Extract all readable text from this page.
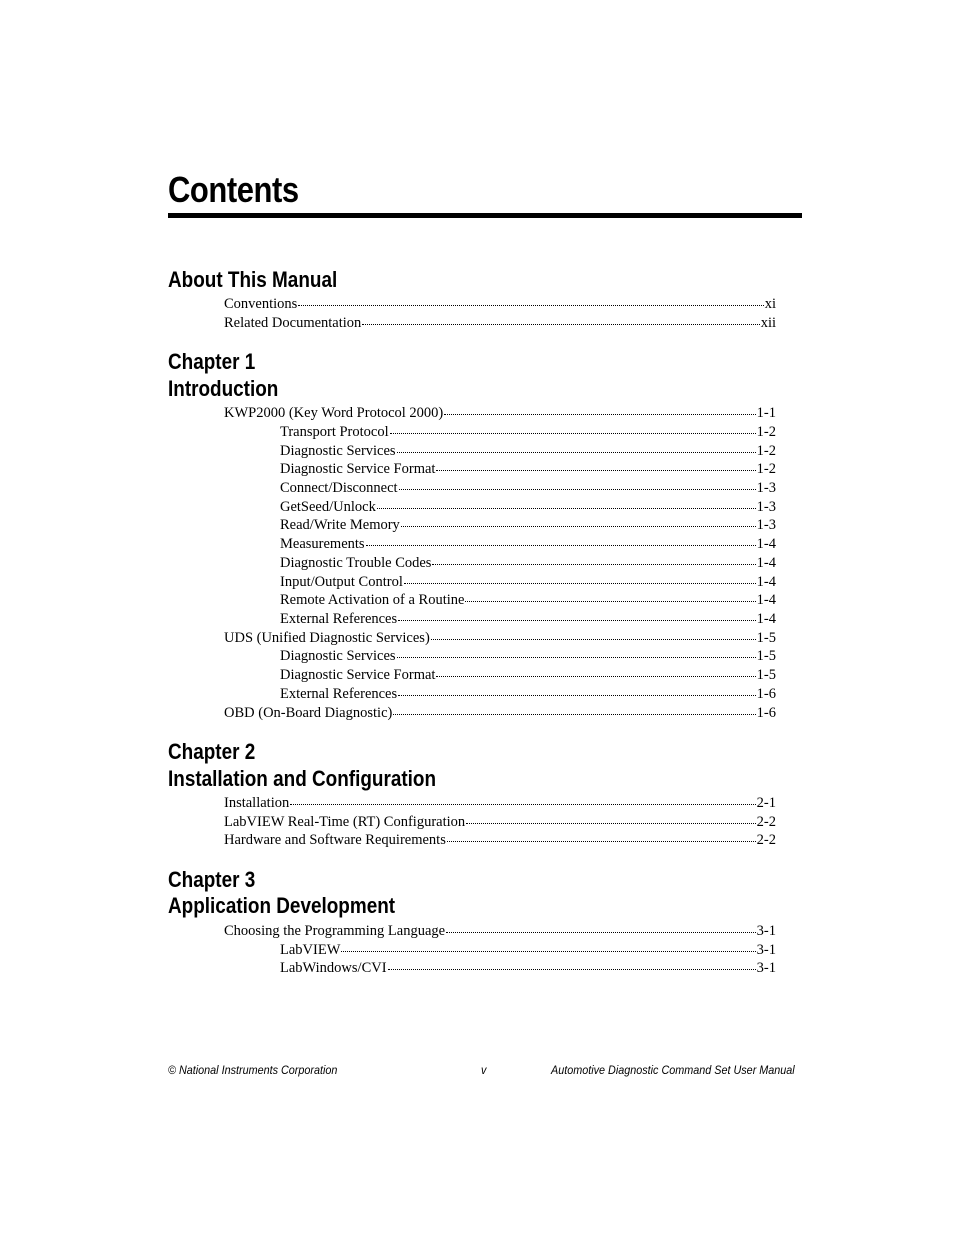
Contents
About This Manual
Conventions	xi
Related Documentation	xii
Chapter 1
Introduction
KWP2000 (Key Word Protocol 2000)	1-1
Transport Protocol	1-2
Diagnostic Services	1-2
Diagnostic Service Format	1-2
Connect/Disconnect	1-3
GetSeed/Unlock	1-3
Read/Write Memory	1-3
Measurements	1-4
Diagnostic Trouble Codes	1-4
Input/Output Control	1-4
Remote Activation of a Routine	1-4
External References	1-4
UDS (Unified Diagnostic Services)	1-5
Diagnostic Services	1-5
Diagnostic Service Format	1-5
External References	1-6
OBD (On-Board Diagnostic)	1-6
Chapter 2
Installation and Configuration
Installation	2-1
LabVIEW Real-Time (RT) Configuration	2-2
Hardware and Software Requirements	2-2
Chapter 3
Application Development
Choosing the Programming Language	3-1
LabVIEW	3-1
LabWindows/CVI	3-1
© National Instruments Corporation	v	Automotive Diagnostic Command Set User Manual
